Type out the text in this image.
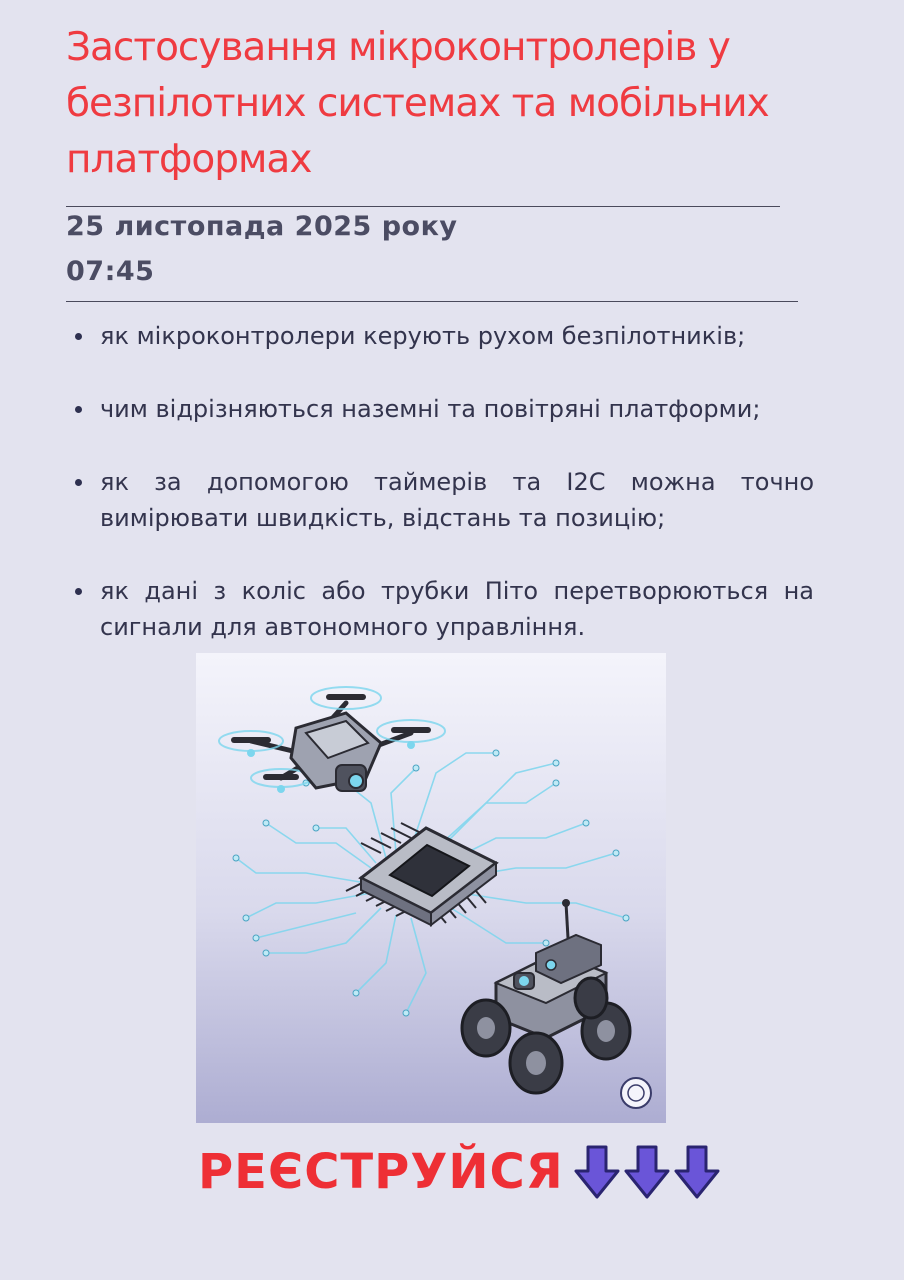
Застосування мікроконтролерів у безпілотних системах та мобільних платформах
25 листопада 2025 року
07:45
як мікроконтролери керують рухом безпілотників;
чим відрізняються наземні та повітряні платформи;
як за допомогою таймерів та I2C можна точно вимірювати швидкість, відстань та позицію;
як дані з коліс або трубки Піто перетворюються на сигнали для автономного управління.
РЕЄСТРУЙСЯ
